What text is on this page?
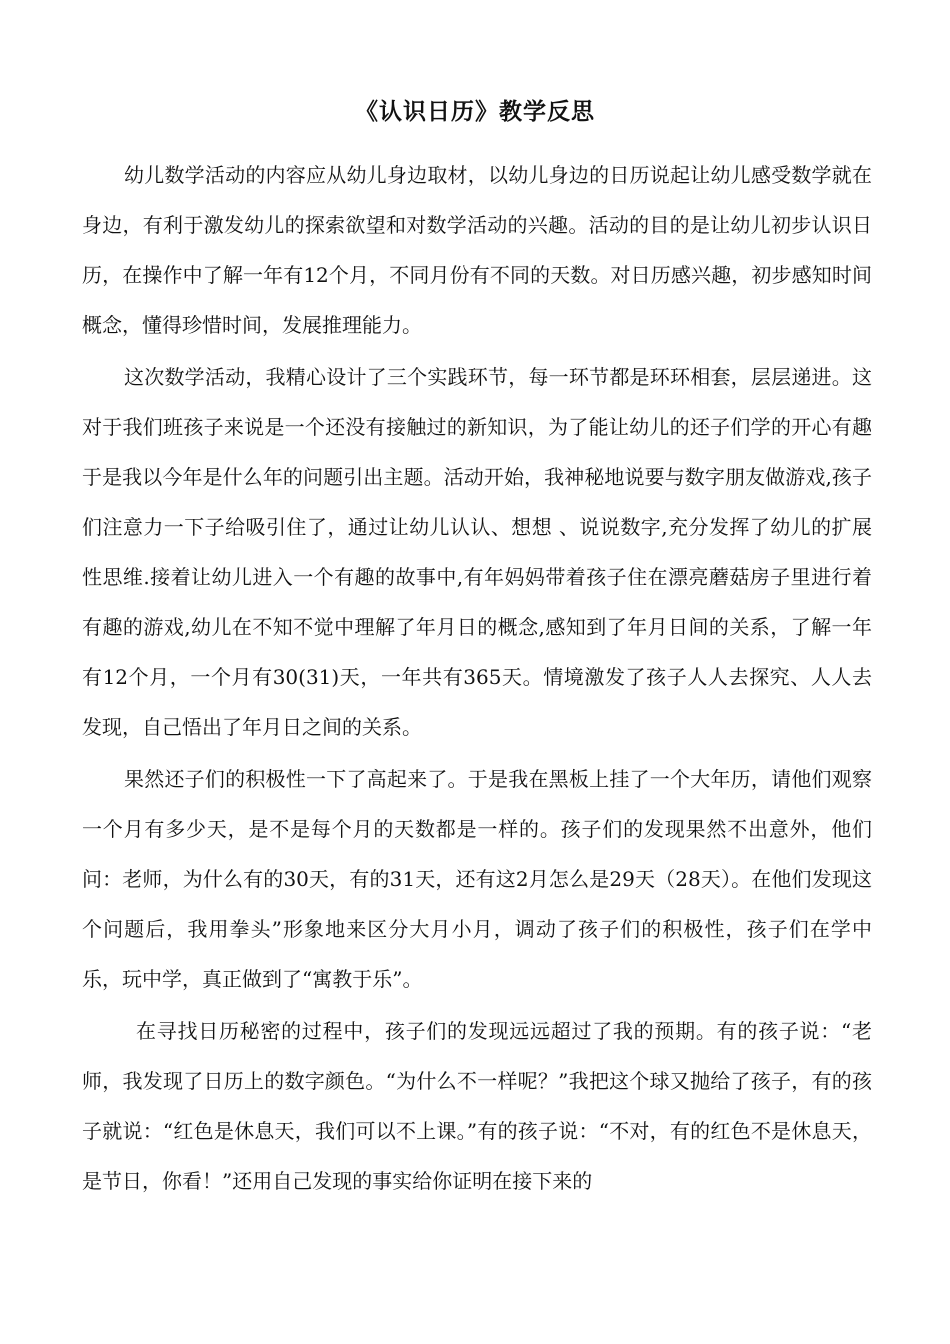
《认识日历》教学反思

幼儿数学活动的内容应从幼儿身边取材，以幼儿身边的日历说起让幼儿感受数学就在身边，有利于激发幼儿的探索欲望和对数学活动的兴趣。活动的目的是让幼儿初步认识日历，在操作中了解一年有12个月，不同月份有不同的天数。对日历感兴趣，初步感知时间概念，懂得珍惜时间，发展推理能力。

这次数学活动，我精心设计了三个实践环节，每一环节都是环环相套，层层递进。这对于我们班孩子来说是一个还没有接触过的新知识，为了能让幼儿的还子们学的开心有趣于是我以今年是什么年的问题引出主题。活动开始，我神秘地说要与数字朋友做游戏,孩子们注意力一下子给吸引住了，通过让幼儿认认、想想 、说说数字,充分发挥了幼儿的扩展性思维.接着让幼儿进入一个有趣的故事中,有年妈妈带着孩子住在漂亮蘑菇房子里进行着有趣的游戏,幼儿在不知不觉中理解了年月日的概念,感知到了年月日间的关系，了解一年有12个月，一个月有30(31)天，一年共有365天。情境激发了孩子人人去探究、人人去发现，自己悟出了年月日之间的关系。

果然还子们的积极性一下了高起来了。于是我在黑板上挂了一个大年历，请他们观察一个月有多少天，是不是每个月的天数都是一样的。孩子们的发现果然不出意外，他们问：老师，为什么有的30天，有的31天，还有这2月怎么是29天（28天）。在他们发现这个问题后，我用拳头”形象地来区分大月小月，调动了孩子们的积极性，孩子们在学中乐，玩中学，真正做到了“寓教于乐”。

在寻找日历秘密的过程中，孩子们的发现远远超过了我的预期。有的孩子说：“老师，我发现了日历上的数字颜色。“为什么不一样呢？”我把这个球又抛给了孩子，有的孩子就说：“红色是休息天，我们可以不上课。”有的孩子说：“不对，有的红色不是休息天，是节日，你看！”还用自己发现的事实给你证明在接下来的
